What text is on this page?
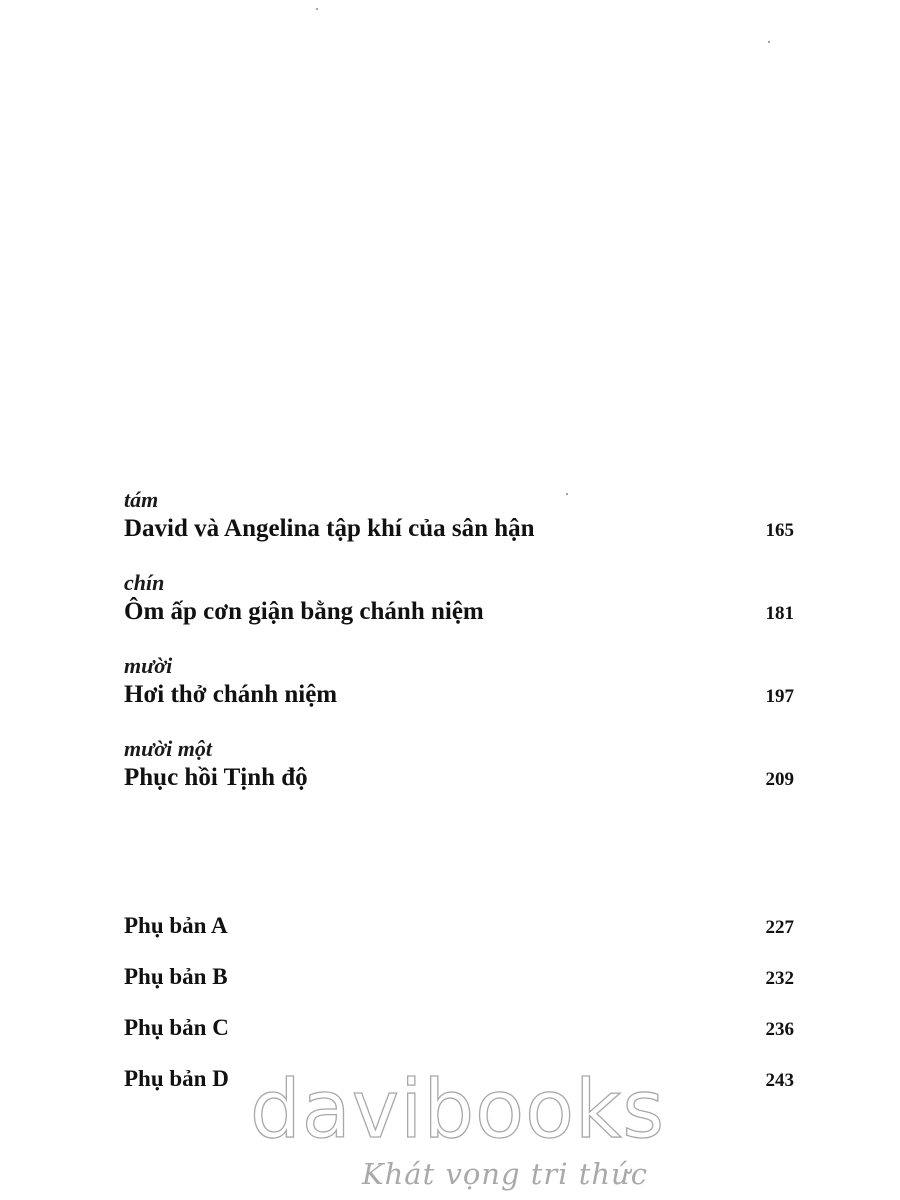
tám
David và Angelina tập khí của sân hận	165
chín
Ôm ấp cơn giận bằng chánh niệm	181
mười
Hơi thở chánh niệm	197
mười một
Phục hồi Tịnh độ	209
Phụ bản A	227
Phụ bản B	232
Phụ bản C	236
Phụ bản D	243
davibooks
Khát vọng tri thức
